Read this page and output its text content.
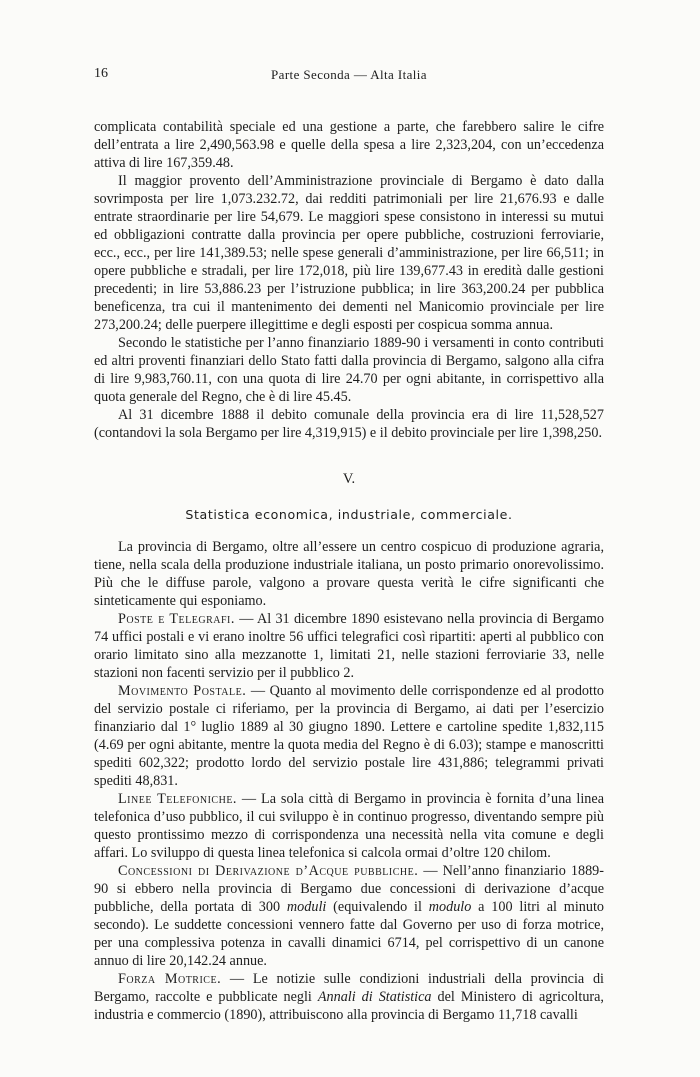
16	Parte Seconda — Alta Italia

complicata contabilità speciale ed una gestione a parte, che farebbero salire le cifre dell’entrata a lire 2,490,563.98 e quelle della spesa a lire 2,323,204, con un’eccedenza attiva di lire 167,359.48.

Il maggior provento dell’Amministrazione provinciale di Bergamo è dato dalla sovrimposta per lire 1,073.232.72, dai redditi patrimoniali per lire 21,676.93 e dalle entrate straordinarie per lire 54,679. Le maggiori spese consistono in interessi su mutui ed obbligazioni contratte dalla provincia per opere pubbliche, costruzioni ferroviarie, ecc., ecc., per lire 141,389.53; nelle spese generali d’amministrazione, per lire 66,511; in opere pubbliche e stradali, per lire 172,018, più lire 139,677.43 in eredità dalle gestioni precedenti; in lire 53,886.23 per l’istruzione pubblica; in lire 363,200.24 per pubblica beneficenza, tra cui il mantenimento dei dementi nel Manicomio provinciale per lire 273,200.24; delle puerpere illegittime e degli esposti per cospicua somma annua.

Secondo le statistiche per l’anno finanziario 1889-90 i versamenti in conto contributi ed altri proventi finanziari dello Stato fatti dalla provincia di Bergamo, salgono alla cifra di lire 9,983,760.11, con una quota di lire 24.70 per ogni abitante, in corrispettivo alla quota generale del Regno, che è di lire 45.45.

Al 31 dicembre 1888 il debito comunale della provincia era di lire 11,528,527 (contandovi la sola Bergamo per lire 4,319,915) e il debito provinciale per lire 1,398,250.

V.
Statistica economica, industriale, commerciale.

La provincia di Bergamo, oltre all’essere un centro cospicuo di produzione agraria, tiene, nella scala della produzione industriale italiana, un posto primario onorevolissimo. Più che le diffuse parole, valgono a provare questa verità le cifre significanti che sinteticamente qui esponiamo.

Poste e Telegrafi. — Al 31 dicembre 1890 esistevano nella provincia di Bergamo 74 uffici postali e vi erano inoltre 56 uffici telegrafici così ripartiti: aperti al pubblico con orario limitato sino alla mezzanotte 1, limitati 21, nelle stazioni ferroviarie 33, nelle stazioni non facenti servizio per il pubblico 2.

Movimento Postale. — Quanto al movimento delle corrispondenze ed al prodotto del servizio postale ci riferiamo, per la provincia di Bergamo, ai dati per l’esercizio finanziario dal 1° luglio 1889 al 30 giugno 1890. Lettere e cartoline spedite 1,832,115 (4.69 per ogni abitante, mentre la quota media del Regno è di 6.03); stampe e manoscritti spediti 602,322; prodotto lordo del servizio postale lire 431,886; telegrammi privati spediti 48,831.

Linee Telefoniche. — La sola città di Bergamo in provincia è fornita d’una linea telefonica d’uso pubblico, il cui sviluppo è in continuo progresso, diventando sempre più questo prontissimo mezzo di corrispondenza una necessità nella vita comune e degli affari. Lo sviluppo di questa linea telefonica si calcola ormai d’oltre 120 chilom.

Concessioni di Derivazione d’Acque pubbliche. — Nell’anno finanziario 1889-90 si ebbero nella provincia di Bergamo due concessioni di derivazione d’acque pubbliche, della portata di 300 moduli (equivalendo il modulo a 100 litri al minuto secondo). Le suddette concessioni vennero fatte dal Governo per uso di forza motrice, per una complessiva potenza in cavalli dinamici 6714, pel corrispettivo di un canone annuo di lire 20,142.24 annue.

Forza Motrice. — Le notizie sulle condizioni industriali della provincia di Bergamo, raccolte e pubblicate negli Annali di Statistica del Ministero di agricoltura, industria e commercio (1890), attribuiscono alla provincia di Bergamo 11,718 cavalli
